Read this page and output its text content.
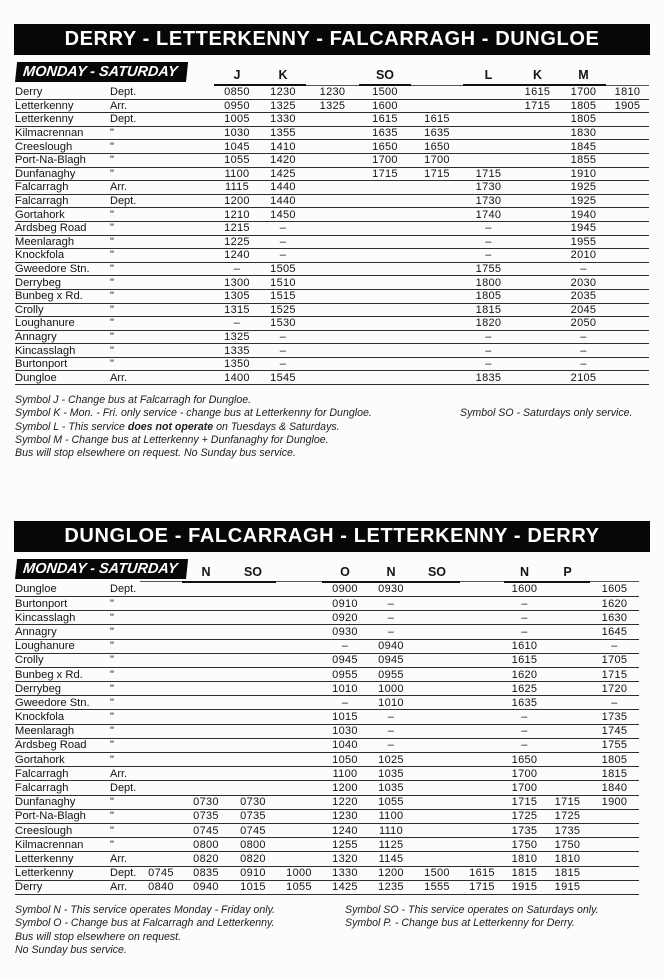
DERRY - LETTERKENNY - FALCARRAGH - DUNGLOE
MONDAY - SATURDAY
			J	K		SO		L	K	M	
Derry	Dept.	0850	1230	1230	1500			1615	1700	1810
Letterkenny	Arr.	0950	1325	1325	1600			1715	1805	1905
Letterkenny	Dept.	1005	1330		1615	1615			1805	
Kilmacrennan	"	1030	1355		1635	1635			1830	
Creeslough	"	1045	1410		1650	1650			1845	
Port-Na-Blagh	"	1055	1420		1700	1700			1855	
Dunfanaghy	"	1100	1425		1715	1715	1715		1910	
Falcarragh	Arr.	1115	1440				1730		1925	
Falcarragh	Dept.	1200	1440				1730		1925	
Gortahork	"	1210	1450				1740		1940	
Ardsbeg Road	"	1215	–				–		1945	
Meenlaragh	"	1225	–				–		1955	
Knockfola	"	1240	–				–		2010	
Gweedore Stn.	"	–	1505				1755		–	
Derrybeg	"	1300	1510				1800		2030	
Bunbeg x Rd.	"	1305	1515				1805		2035	
Crolly	"	1315	1525				1815		2045	
Loughanure	"	–	1530				1820		2050	
Annagry	"	1325	–				–		–	
Kincasslagh	"	1335	–				–		–	
Burtonport	"	1350	–				–		–	
Dungloe	Arr.	1400	1545				1835		2105	
Symbol J - Change bus at Falcarragh for Dungloe.
Symbol K - Mon. - Fri. only service - change bus at Letterkenny for Dungloe.
Symbol L - This service does not operate on Tuesdays & Saturdays.
Symbol M - Change bus at Letterkenny + Dunfanaghy for Dungloe.
Bus will stop elsewhere on request. No Sunday bus service.
Symbol SO - Saturdays only service.
DUNGLOE - FALCARRAGH - LETTERKENNY - DERRY
MONDAY - SATURDAY
				N	SO		O	N	SO		N	P	
Dungloe	Dept.					0900	0930			1600		1605
Burtonport	"					0910	–			–		1620
Kincasslagh	"					0920	–			–		1630
Annagry	"					0930	–			–		1645
Loughanure	"					–	0940			1610		–
Crolly	"					0945	0945			1615		1705
Bunbeg x Rd.	"					0955	0955			1620		1715
Derrybeg	"					1010	1000			1625		1720
Gweedore Stn.	"					–	1010			1635		–
Knockfola	"					1015	–			–		1735
Meenlaragh	"					1030	–			–		1745
Ardsbeg Road	"					1040	–			–		1755
Gortahork	"					1050	1025			1650		1805
Falcarragh	Arr.					1100	1035			1700		1815
Falcarragh	Dept.					1200	1035			1700		1840
Dunfanaghy	"		0730	0730		1220	1055			1715	1715	1900
Port-Na-Blagh	"		0735	0735		1230	1100			1725	1725	
Creeslough	"		0745	0745		1240	1110			1735	1735	
Kilmacrennan	"		0800	0800		1255	1125			1750	1750	
Letterkenny	Arr.		0820	0820		1320	1145			1810	1810	
Letterkenny	Dept.	0745	0835	0910	1000	1330	1200	1500	1615	1815	1815	
Derry	Arr.	0840	0940	1015	1055	1425	1235	1555	1715	1915	1915	
Symbol N - This service operates Monday - Friday only.
Symbol O - Change bus at Falcarragh and Letterkenny.
Bus will stop elsewhere on request.
No Sunday bus service.
Symbol SO - This service operates on Saturdays only.
Symbol P. - Change bus at Letterkenny for Derry.
